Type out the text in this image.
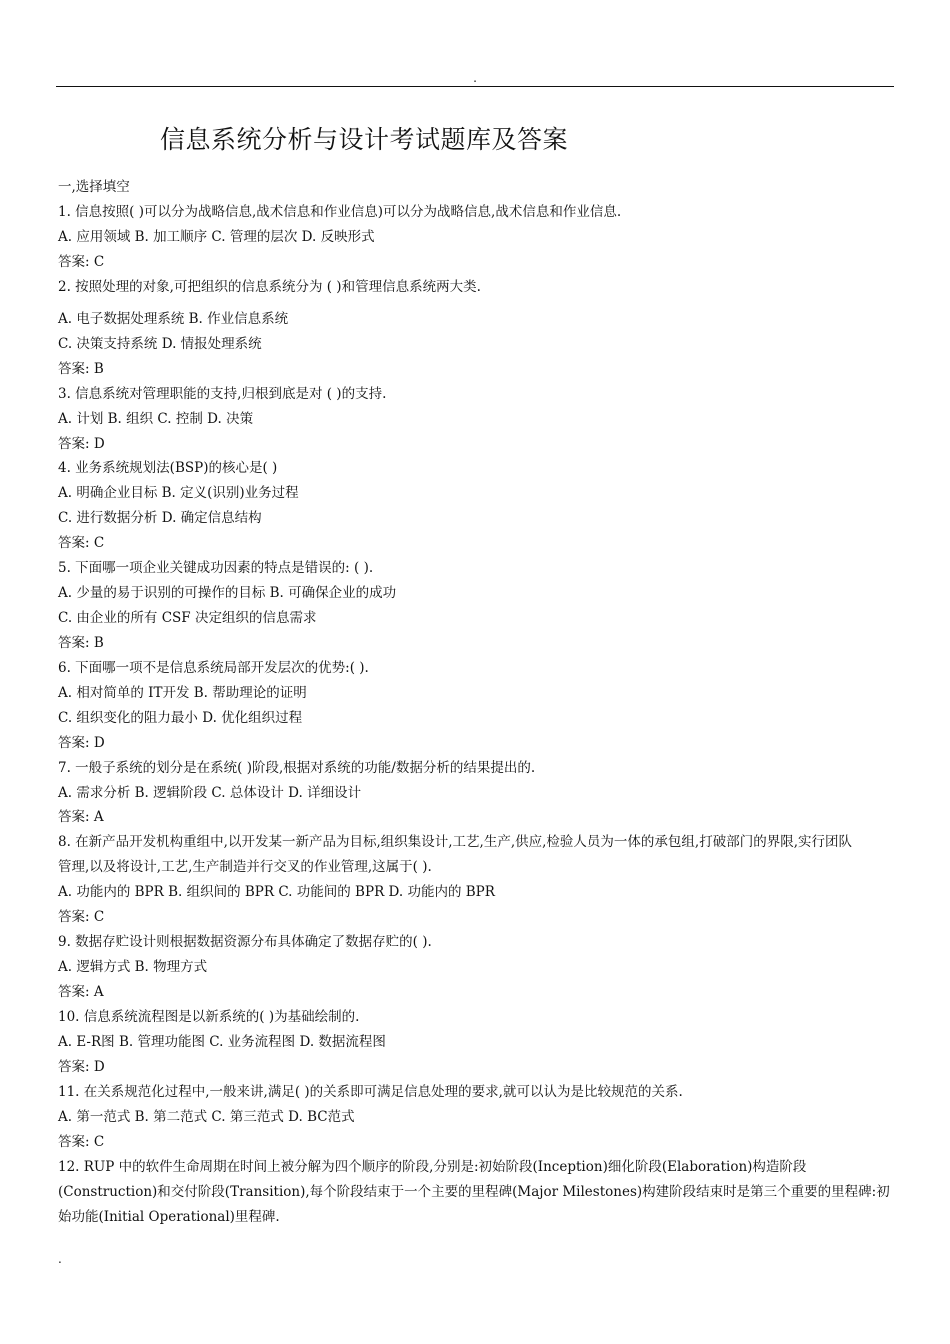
.
信息系统分析与设计考试题库及答案
一,选择填空
1. 信息按照( )可以分为战略信息,战术信息和作业信息)可以分为战略信息,战术信息和作业信息.
A. 应用领域 B. 加工顺序 C. 管理的层次 D. 反映形式
答案: C
2. 按照处理的对象,可把组织的信息系统分为 ( )和管理信息系统两大类.
A. 电子数据处理系统 B. 作业信息系统
C. 决策支持系统 D. 情报处理系统
答案: B
3. 信息系统对管理职能的支持,归根到底是对 ( )的支持.
A. 计划 B. 组织 C. 控制 D. 决策
答案: D
4. 业务系统规划法(BSP)的核心是( )
A. 明确企业目标 B. 定义(识别)业务过程
C. 进行数据分析 D. 确定信息结构
答案: C
5. 下面哪一项企业关键成功因素的特点是错误的: ( ).
A. 少量的易于识别的可操作的目标 B. 可确保企业的成功
C. 由企业的所有 CSF 决定组织的信息需求
答案: B
6. 下面哪一项不是信息系统局部开发层次的优势:( ).
A. 相对简单的 IT开发 B. 帮助理论的证明
C. 组织变化的阻力最小 D. 优化组织过程
答案: D
7. 一般子系统的划分是在系统( )阶段,根据对系统的功能/数据分析的结果提出的.
A. 需求分析 B. 逻辑阶段 C. 总体设计 D. 详细设计
答案: A
8. 在新产品开发机构重组中,以开发某一新产品为目标,组织集设计,工艺,生产,供应,检验人员为一体的承包组,打破部门的界限,实行团队
管理,以及将设计,工艺,生产制造并行交叉的作业管理,这属于( ).
A. 功能内的 BPR B. 组织间的 BPR C. 功能间的 BPR D. 功能内的 BPR
答案: C
9. 数据存贮设计则根据数据资源分布具体确定了数据存贮的( ).
A. 逻辑方式 B. 物理方式
答案: A
10. 信息系统流程图是以新系统的( )为基础绘制的.
A. E-R图 B. 管理功能图 C. 业务流程图 D. 数据流程图
答案: D
11. 在关系规范化过程中,一般来讲,满足( )的关系即可满足信息处理的要求,就可以认为是比较规范的关系.
A. 第一范式 B. 第二范式 C. 第三范式 D. BC范式
答案: C
12. RUP 中的软件生命周期在时间上被分解为四个顺序的阶段,分别是:初始阶段(Inception)细化阶段(Elaboration)构造阶段
(Construction)和交付阶段(Transition),每个阶段结束于一个主要的里程碑(Major Milestones)构建阶段结束时是第三个重要的里程碑:初
始功能(Initial Operational)里程碑.
.
